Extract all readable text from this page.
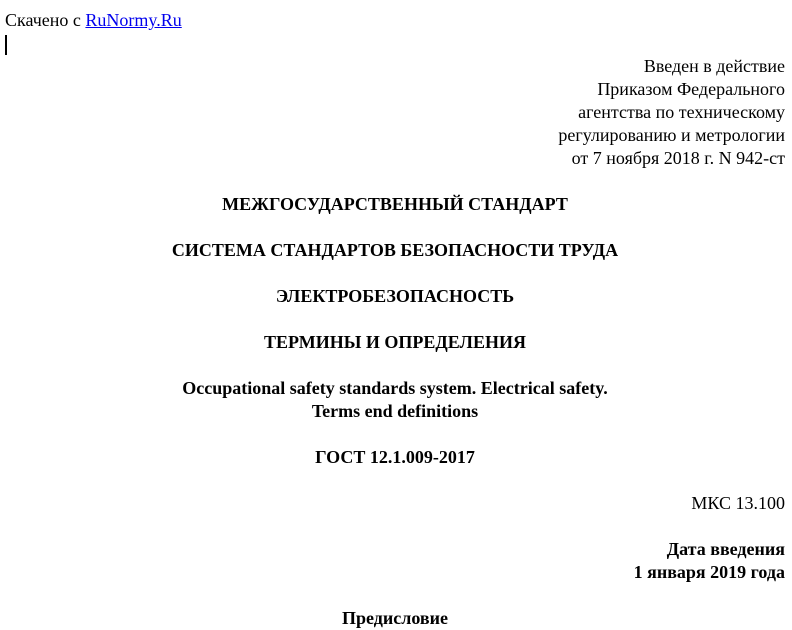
Скачено с RuNormy.Ru
Введен в действие
Приказом Федерального
агентства по техническому
регулированию и метрологии
от 7 ноября 2018 г. N 942-ст
МЕЖГОСУДАРСТВЕННЫЙ СТАНДАРТ
СИСТЕМА СТАНДАРТОВ БЕЗОПАСНОСТИ ТРУДА
ЭЛЕКТРОБЕЗОПАСНОСТЬ
ТЕРМИНЫ И ОПРЕДЕЛЕНИЯ
Occupational safety standards system. Electrical safety.
Terms end definitions
ГОСТ 12.1.009-2017
МКС 13.100
Дата введения
1 января 2019 года
Предисловие
